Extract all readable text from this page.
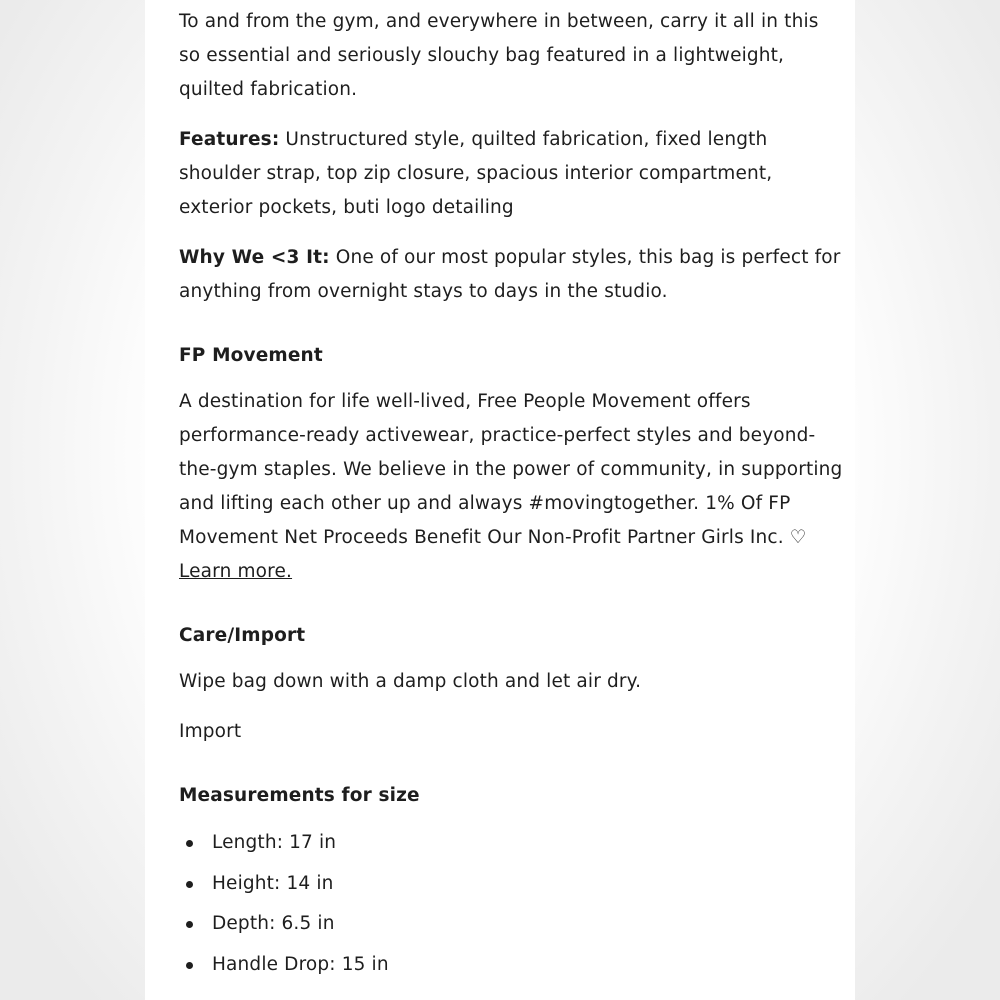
To and from the gym, and everywhere in between, carry it all in this so essential and seriously slouchy bag featured in a lightweight, quilted fabrication.

Features: Unstructured style, quilted fabrication, fixed length shoulder strap, top zip closure, spacious interior compartment, exterior pockets, buti logo detailing

Why We <3 It: One of our most popular styles, this bag is perfect for anything from overnight stays to days in the studio.

FP Movement

A destination for life well-lived, Free People Movement offers performance-ready activewear, practice-perfect styles and beyond-the-gym staples. We believe in the power of community, in supporting and lifting each other up and always #movingtogether. 1% Of FP Movement Net Proceeds Benefit Our Non-Profit Partner Girls Inc. ♡ Learn more.

Care/Import

Wipe bag down with a damp cloth and let air dry.

Import

Measurements for size
Length: 17 in
Height: 14 in
Depth: 6.5 in
Handle Drop: 15 in
